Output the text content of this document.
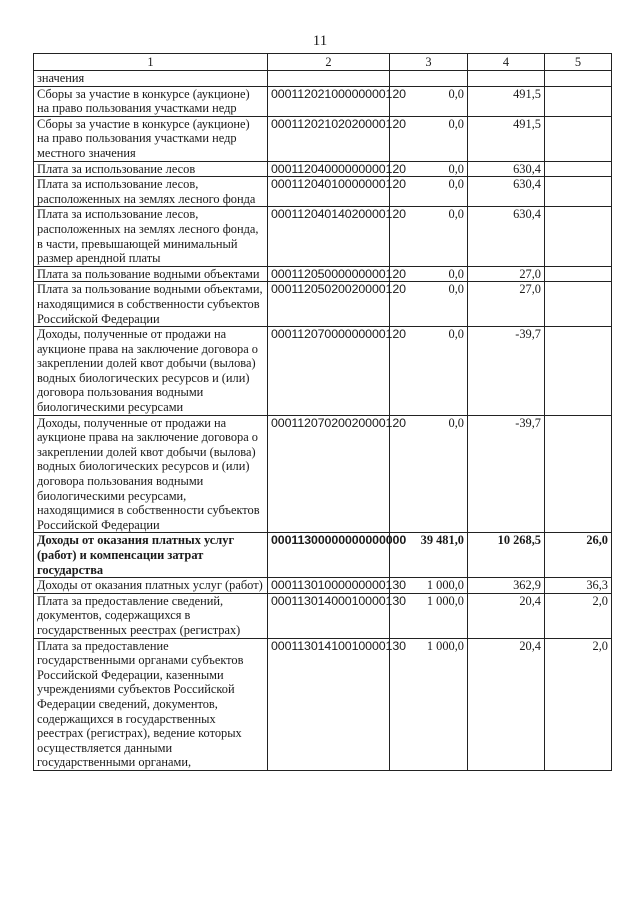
11
1	2	3	4	5
значения				
Сборы за участие в конкурсе (аукционе) на право пользования участками недр	00011202100000000120	0,0	491,5	
Сборы за участие в конкурсе (аукционе) на право пользования участками недр местного значения	00011202102020000120	0,0	491,5	
Плата за использование лесов	00011204000000000120	0,0	630,4	
Плата за использование лесов, расположенных на землях лесного фонда	00011204010000000120	0,0	630,4	
Плата за использование лесов, расположенных на землях лесного фонда, в части, превышающей минимальный размер арендной платы	00011204014020000120	0,0	630,4	
Плата за пользование водными объектами	00011205000000000120	0,0	27,0	
Плата за пользование водными объектами, находящимися в собственности субъектов Российской Федерации	00011205020020000120	0,0	27,0	
Доходы, полученные от продажи на аукционе права на заключение договора о закреплении долей квот добычи (вылова) водных биологических ресурсов и (или) договора пользования водными биологическими ресурсами	00011207000000000120	0,0	-39,7	
Доходы, полученные от продажи на аукционе права на заключение договора о закреплении долей квот добычи (вылова) водных биологических ресурсов и (или) договора пользования водными биологическими ресурсами, находящимися в собственности субъектов Российской Федерации	00011207020020000120	0,0	-39,7	
Доходы от оказания платных услуг (работ) и компенсации затрат государства	00011300000000000000	39 481,0	10 268,5	26,0
Доходы от оказания платных услуг (работ)	00011301000000000130	1 000,0	362,9	36,3
Плата за предоставление сведений, документов, содержащихся в государственных реестрах (регистрах)	00011301400010000130	1 000,0	20,4	2,0
Плата за предоставление государственными органами субъектов Российской Федерации, казенными учреждениями субъектов Российской Федерации сведений, документов, содержащихся в государственных реестрах (регистрах), ведение которых осуществляется данными государственными органами,	00011301410010000130	1 000,0	20,4	2,0
